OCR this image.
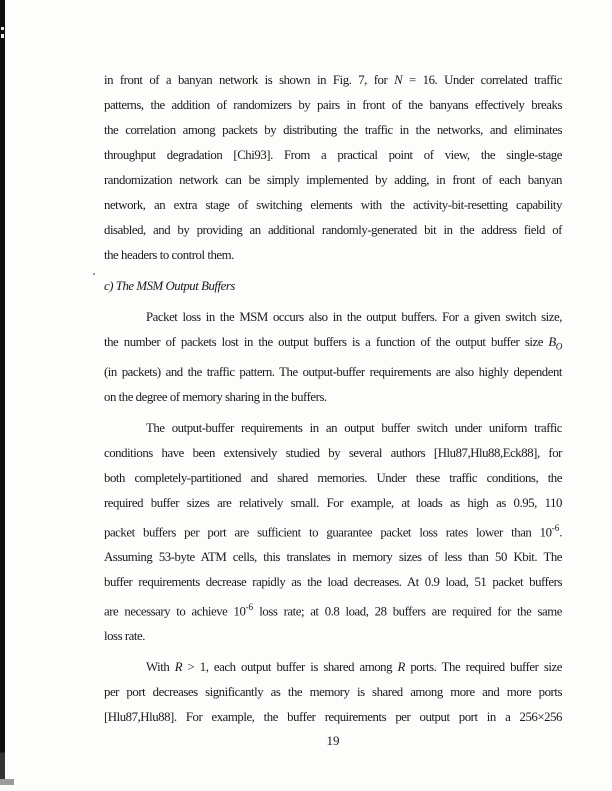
in front of a banyan network is shown in Fig. 7, for N = 16. Under correlated traffic
patterns, the addition of randomizers by pairs in front of the banyans effectively breaks
the correlation among packets by distributing the traffic in the networks, and eliminates
throughput degradation [Chi93]. From a practical point of view, the single-stage
randomization network can be simply implemented by adding, in front of each banyan
network, an extra stage of switching elements with the activity-bit-resetting capability
disabled, and by providing an additional randomly-generated bit in the address field of
the headers to control them.
c) The MSM Output Buffers
Packet loss in the MSM occurs also in the output buffers. For a given switch size,
the number of packets lost in the output buffers is a function of the output buffer size $B_O$
(in packets) and the traffic pattern. The output-buffer requirements are also highly dependent
on the degree of memory sharing in the buffers.
The output-buffer requirements in an output buffer switch under uniform traffic
conditions have been extensively studied by several authors [Hlu87,Hlu88,Eck88], for
both completely-partitioned and shared memories. Under these traffic conditions, the
required buffer sizes are relatively small. For example, at loads as high as 0.95, 110
packet buffers per port are sufficient to guarantee packet loss rates lower than $10^{-6}$.
Assuming 53-byte ATM cells, this translates in memory sizes of less than 50 Kbit. The
buffer requirements decrease rapidly as the load decreases. At 0.9 load, 51 packet buffers
are necessary to achieve $10^{-6}$ loss rate; at 0.8 load, 28 buffers are required for the same
loss rate.
With R > 1, each output buffer is shared among R ports. The required buffer size
per port decreases significantly as the memory is shared among more and more ports
[Hlu87,Hlu88]. For example, the buffer requirements per output port in a 256×256
19
